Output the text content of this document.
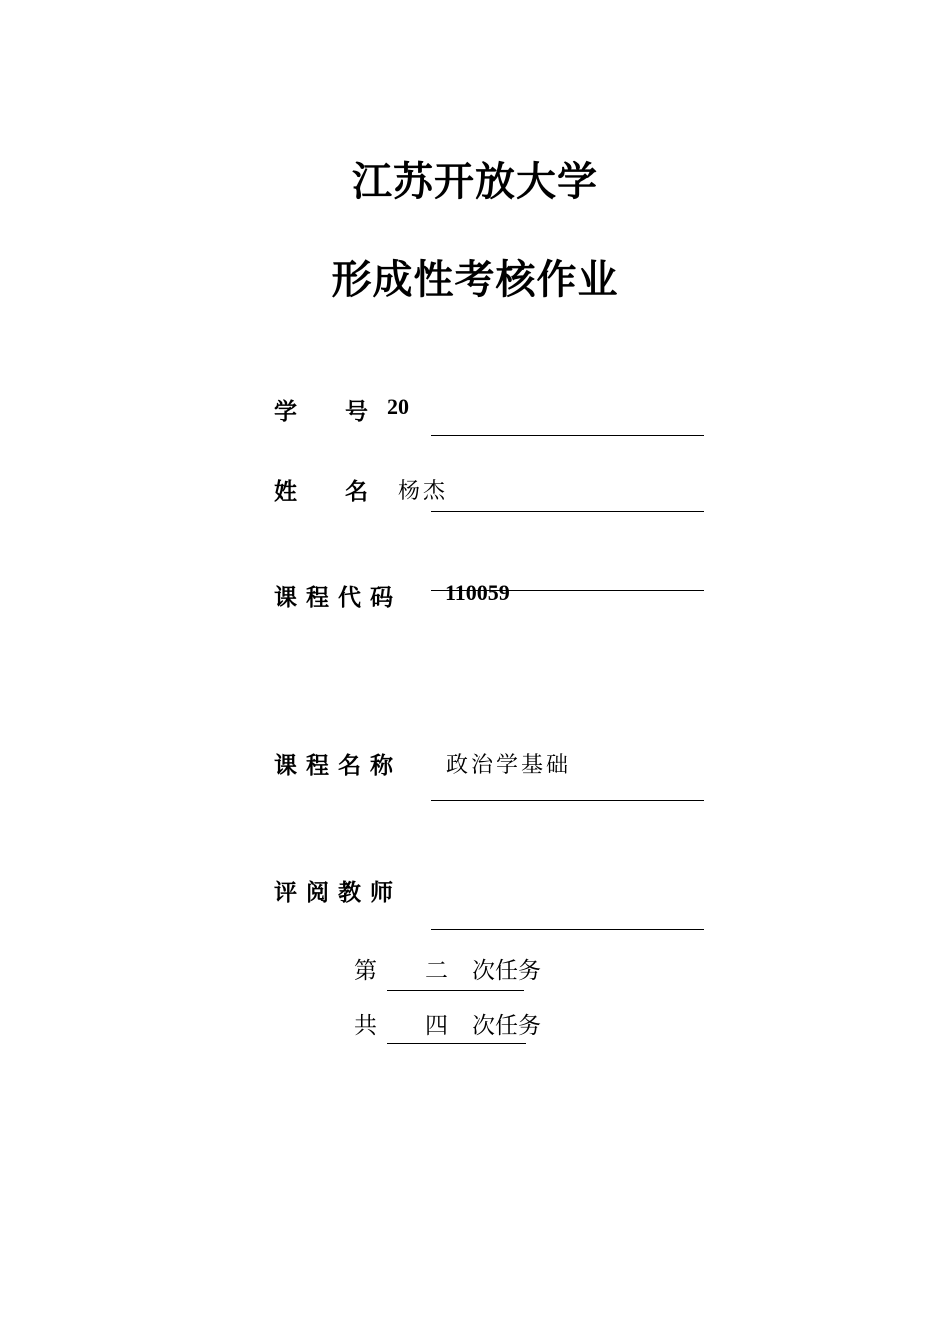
江苏开放大学
形成性考核作业
学 号 20
姓 名 杨杰
课程代码 110059
课程名称 政治学基础
评阅教师
第 二 次任务
共 四 次任务
